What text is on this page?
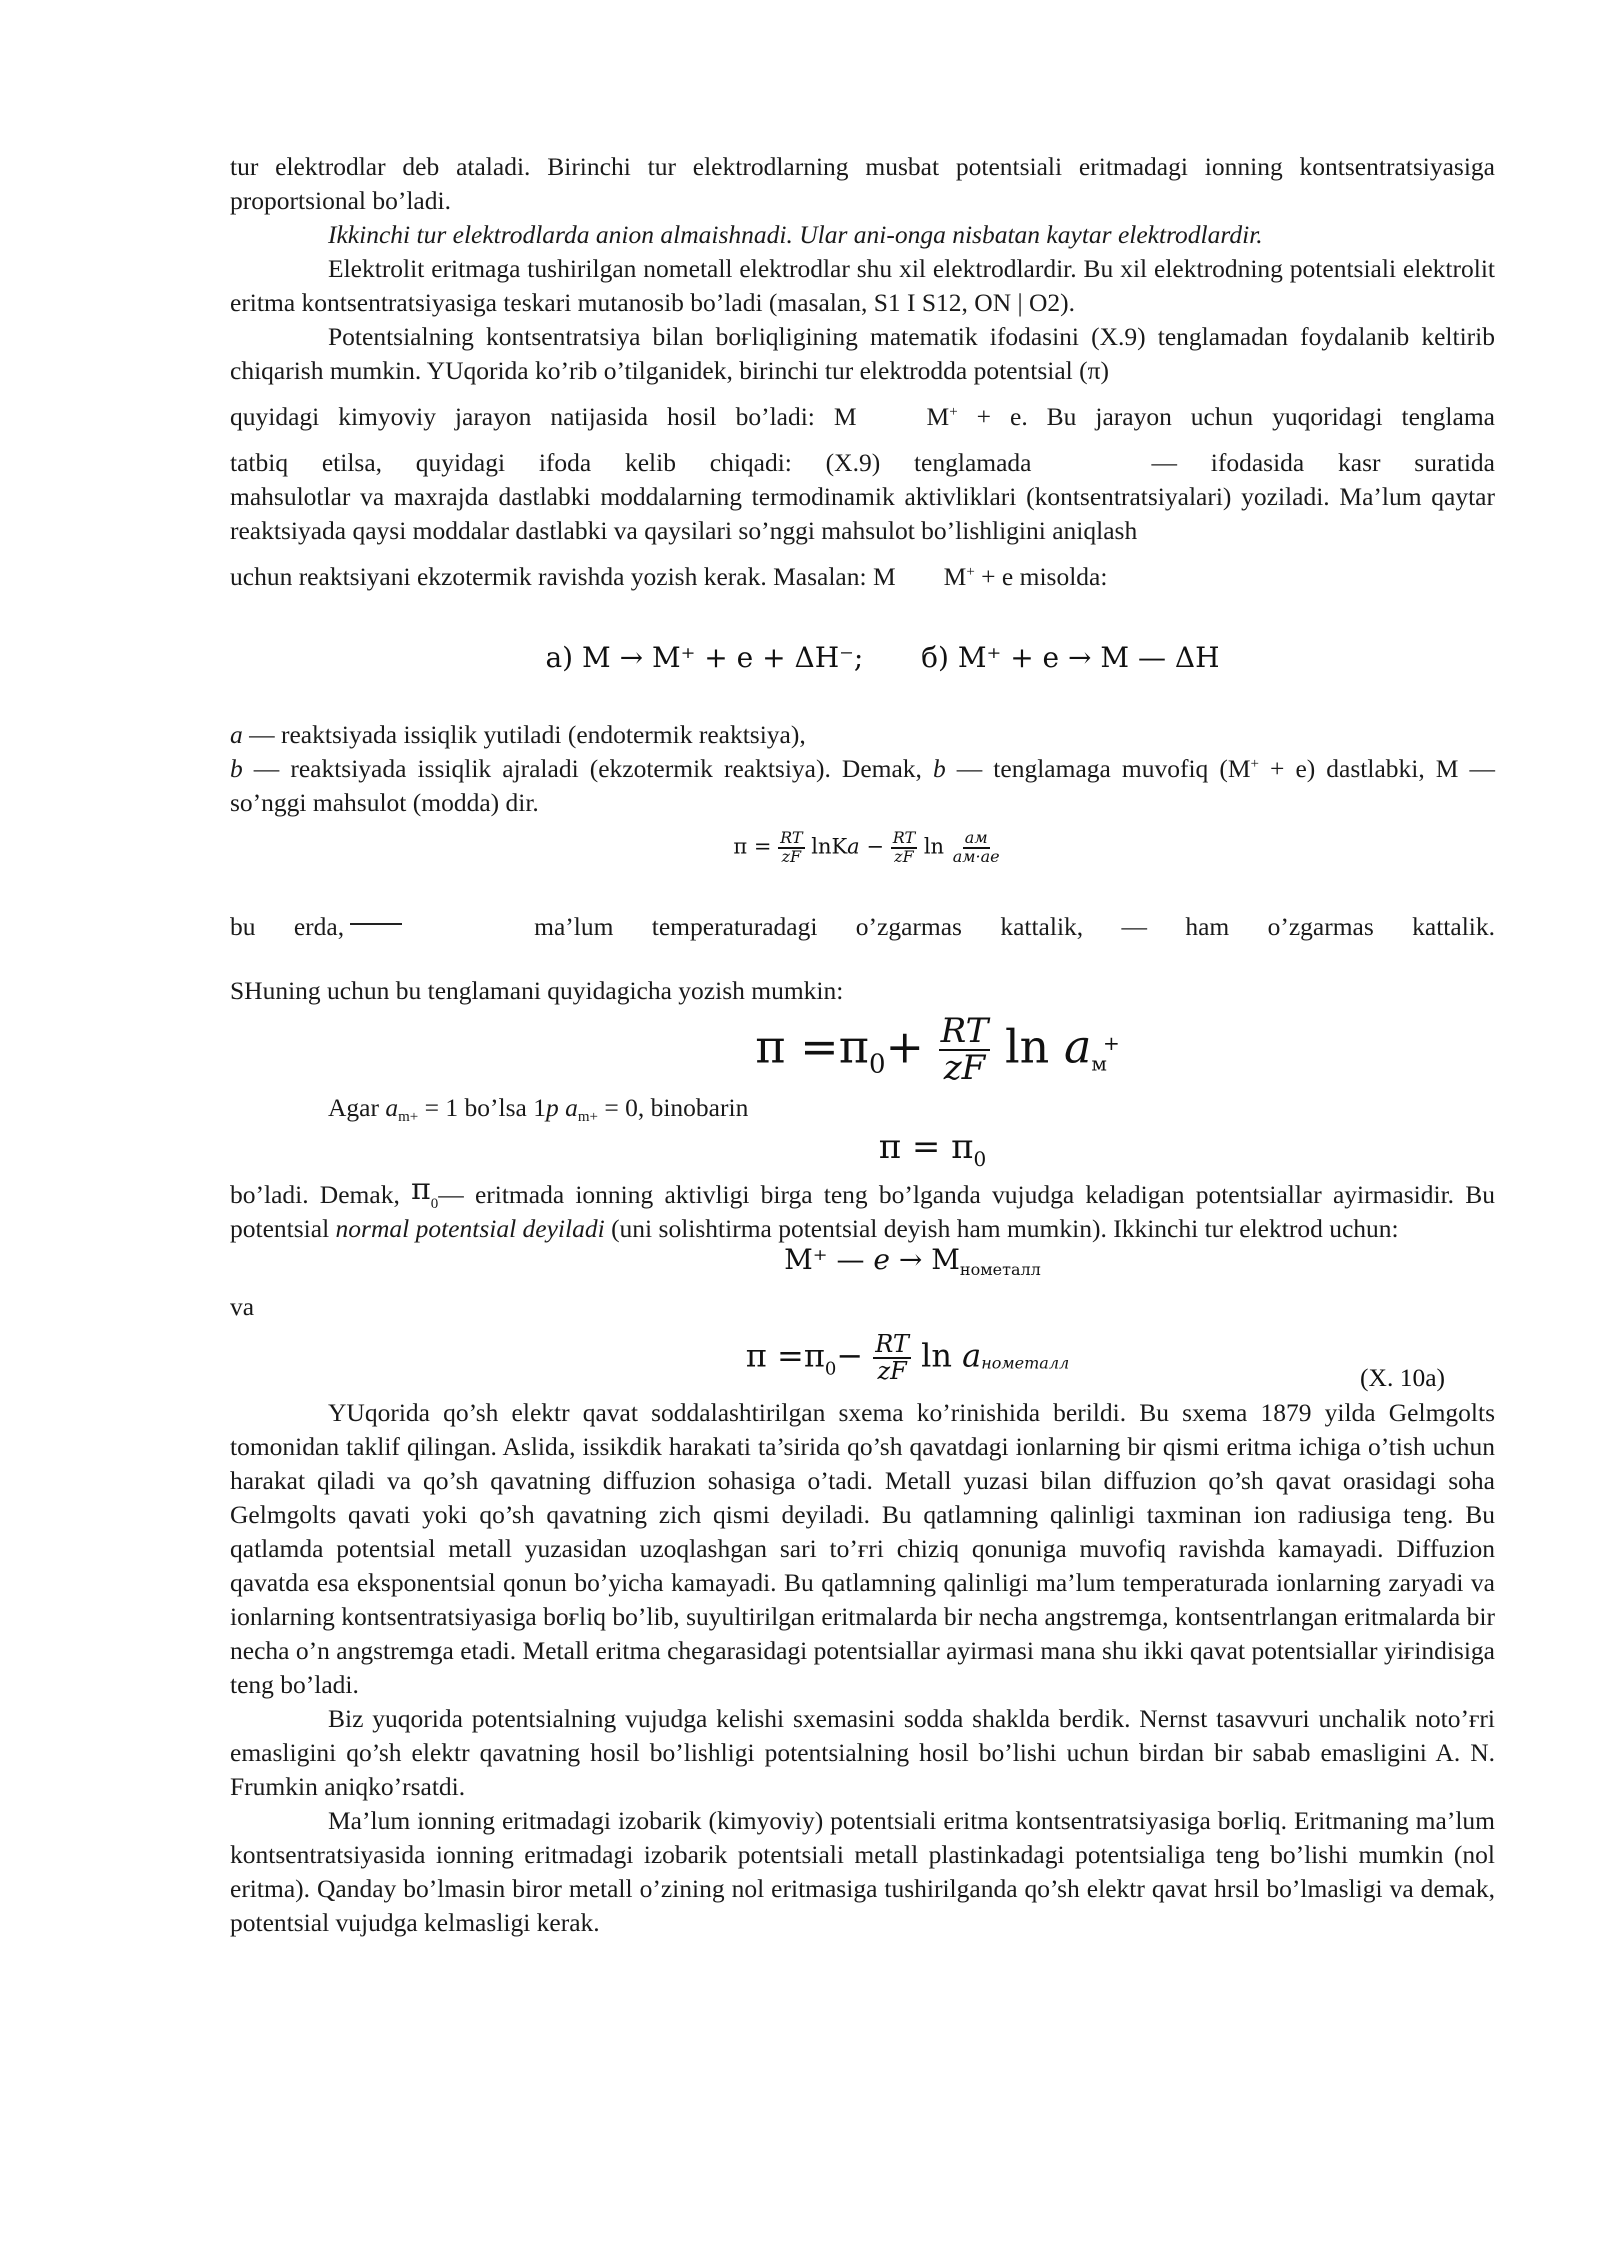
tur elektrodlar deb ataladi. Birinchi tur elektrodlarning musbat potentsiali eritmadagi ionning kontsentratsiyasiga proportsional bo’ladi.

Ikkinchi tur elektrodlarda anion almaishnadi. Ular ani-onga nisbatan kaytar elektrodlardir.

Elektrolit eritmaga tushirilgan nometall elektrodlar shu xil elektrodlardir. Bu xil elektrodning potentsiali elektrolit eritma kontsentratsiyasiga teskari mutanosib bo’ladi (masalan, S1 I S12, ON | O2).

Potentsialning kontsentratsiya bilan boғliqligining matematik ifodasini (X.9) tenglamadan foydalanib keltirib chiqarish mumkin. YUqorida ko’rib o’tilganidek, birinchi tur elektrodda potentsial (π)

quyidagi kimyoviy jarayon natijasida hosil bo’ladi: M	M+ + e. Bu jarayon uchun yuqoridagi tenglama

tatbiq etilsa, quyidagi ifoda kelib chiqadi: (X.9) tenglamada	— ifodasida kasr suratida

mahsulotlar va maxrajda dastlabki moddalarning termodinamik aktivliklari (kontsentratsiyalari) yoziladi. Ma’lum qaytar reaktsiyada qaysi moddalar dastlabki va qaysilari so’nggi mahsulot bo’lishligini aniqlash

uchun reaktsiyani ekzotermik ravishda yozish kerak. Masalan: M M+ + e misolda:

а) M → M⁺ + e + ΔH⁻; б) M⁺ + e → M — ΔH

a — reaktsiyada issiqlik yutiladi (endotermik reaktsiya),

b — reaktsiyada issiqlik ajraladi (ekzotermik reaktsiya). Demak, b — tenglamaga muvofiq (M+ + e) dastlabki, M — so’nggi mahsulot (modda) dir.

$\pi = \frac{RT}{zF}$ lnKa − $\frac{RT}{zF}$ $\ln \frac{aм}{aм\cdot aе}$

bu erda,	ma’lum temperaturadagi o’zgarmas kattalik, — ham o’zgarmas kattalik.

SHuning uchun bu tenglamani quyidagicha yozish mumkin:

$\pi =\pi_0+ \frac{RT}{zF}$ $\ln a_м^+$

Agar $a_{m+} = 1$ bo’lsa 1p $a_{m+} = 0$, binobarin

$\pi = \pi_0$

bo’ladi. Demak, $\pi_0—$ eritmada ionning aktivligi birga teng bo’lganda vujudga keladigan potentsiallar ayirmasidir. Bu potentsial normal potentsial deyiladi (uni solishtirma potentsial deyish ham mumkin). Ikkinchi tur elektrod uchun:

M⁺ — $e \to M_{нометалл}$

va

$\pi =\pi_0- \frac{RT}{zF}$ $\ln a_{нометалл}$	(X. 10a)

YUqorida qo’sh elektr qavat soddalashtirilgan sxema ko’rinishida berildi. Bu sxema 1879 yilda Gelmgolts tomonidan taklif qilingan. Aslida, issikdik harakati ta’sirida qo’sh qavatdagi ionlarning bir qismi eritma ichiga o’tish uchun harakat qiladi va qo’sh qavatning diffuzion sohasiga o’tadi. Metall yuzasi bilan diffuzion qo’sh qavat orasidagi soha Gelmgolts qavati yoki qo’sh qavatning zich qismi deyiladi. Bu qatlamning qalinligi taxminan ion radiusiga teng. Bu qatlamda potentsial metall yuzasidan uzoqlashgan sari to’ғri chiziq qonuniga muvofiq ravishda kamayadi. Diffuzion qavatda esa eksponentsial qonun bo’yicha kamayadi. Bu qatlamning qalinligi ma’lum temperaturada ionlarning zaryadi va ionlarning kontsentratsiyasiga boғliq bo’lib, suyultirilgan eritmalarda bir necha angstremga, kontsentrlangan eritmalarda bir necha o’n angstremga etadi. Metall eritma chegarasidagi potentsiallar ayirmasi mana shu ikki qavat potentsiallar yiғindisiga teng bo’ladi.

Biz yuqorida potentsialning vujudga kelishi sxemasini sodda shaklda berdik. Nernst tasavvuri unchalik noto’ғri emasligini qo’sh elektr qavatning hosil bo’lishligi potentsialning hosil bo’lishi uchun birdan bir sabab emasligini A. N. Frumkin aniqko’rsatdi.

Ma’lum ionning eritmadagi izobarik (kimyoviy) potentsiali eritma kontsentratsiyasiga boғliq. Eritmaning ma’lum kontsentratsiyasida ionning eritmadagi izobarik potentsiali metall plastinkadagi potentsialiga teng bo’lishi mumkin (nol eritma). Qanday bo’lmasin biror metall o’zining nol eritmasiga tushirilganda qo’sh elektr qavat hrsil bo’lmasligi va demak, potentsial vujudga kelmasligi kerak.
